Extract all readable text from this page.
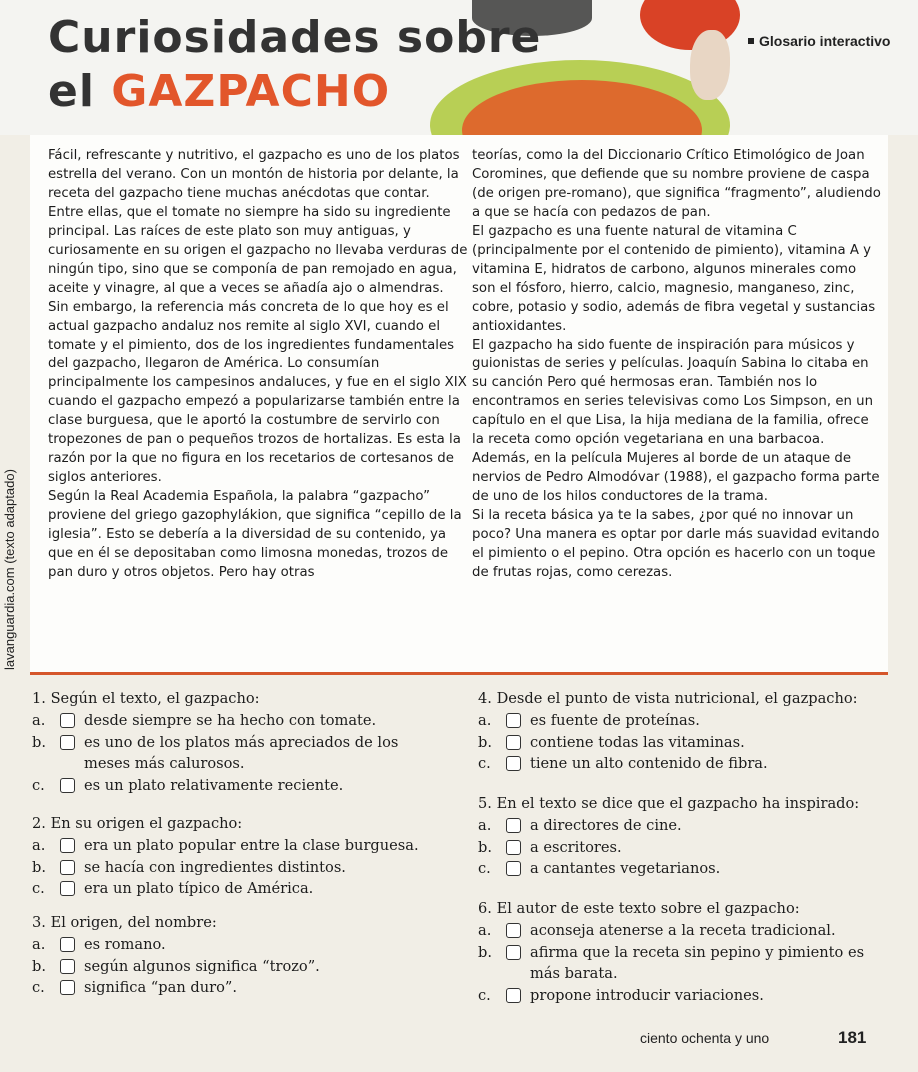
Curiosidades sobre
el GAZPACHO
Glosario interactivo

Fácil, refrescante y nutritivo, el gazpacho es uno de los platos estrella del verano. Con un montón de historia por delante, la receta del gazpacho tiene muchas anécdotas que contar. Entre ellas, que el tomate no siempre ha sido su ingrediente principal. Las raíces de este plato son muy antiguas, y curiosamente en su origen el gazpacho no llevaba verduras de ningún tipo, sino que se componía de pan remojado en agua, aceite y vinagre, al que a veces se añadía ajo o almendras. Sin embargo, la referencia más concreta de lo que hoy es el actual gazpacho andaluz nos remite al siglo XVI, cuando el tomate y el pimiento, dos de los ingredientes fundamentales del gazpacho, llegaron de América. Lo consumían principalmente los campesinos andaluces, y fue en el siglo XIX cuando el gazpacho empezó a popularizarse también entre la clase burguesa, que le aportó la costumbre de servirlo con tropezones de pan o pequeños trozos de hortalizas. Es esta la razón por la que no figura en los recetarios de cortesanos de siglos anteriores.

Según la Real Academia Española, la palabra “gazpacho” proviene del griego gazophylákion, que significa “cepillo de la iglesia”. Esto se debería a la diversidad de su contenido, ya que en él se depositaban como limosna monedas, trozos de pan duro y otros objetos. Pero hay otras

teorías, como la del Diccionario Crítico Etimológico de Joan Coromines, que defiende que su nombre proviene de caspa (de origen pre-romano), que significa “fragmento”, aludiendo a que se hacía con pedazos de pan.

El gazpacho es una fuente natural de vitamina C (principalmente por el contenido de pimiento), vitamina A y vitamina E, hidratos de carbono, algunos minerales como son el fósforo, hierro, calcio, magnesio, manganeso, zinc, cobre, potasio y sodio, además de fibra vegetal y sustancias antioxidantes.

El gazpacho ha sido fuente de inspiración para músicos y guionistas de series y películas. Joaquín Sabina lo citaba en su canción Pero qué hermosas eran. También nos lo encontramos en series televisivas como Los Simpson, en un capítulo en el que Lisa, la hija mediana de la familia, ofrece la receta como opción vegetariana en una barbacoa. Además, en la película Mujeres al borde de un ataque de nervios de Pedro Almodóvar (1988), el gazpacho forma parte de uno de los hilos conductores de la trama.

Si la receta básica ya te la sabes, ¿por qué no innovar un poco? Una manera es optar por darle más suavidad evitando el pimiento o el pepino. Otra opción es hacerlo con un toque de frutas rojas, como cerezas.

lavanguardia.com (texto adaptado)
1. Según el texto, el gazpacho:
a.	desde siempre se ha hecho con tomate.
b.	es uno de los platos más apreciados de los meses más calurosos.
c.	es un plato relativamente reciente.
2. En su origen el gazpacho:
a.	era un plato popular entre la clase burguesa.
b.	se hacía con ingredientes distintos.
c.	era un plato típico de América.
3. El origen, del nombre:
a.	es romano.
b.	según algunos significa “trozo”.
c.	significa “pan duro”.
4. Desde el punto de vista nutricional, el gazpacho:
a.	es fuente de proteínas.
b.	contiene todas las vitaminas.
c.	tiene un alto contenido de fibra.
5. En el texto se dice que el gazpacho ha inspirado:
a.	a directores de cine.
b.	a escritores.
c.	a cantantes vegetarianos.
6. El autor de este texto sobre el gazpacho:
a.	aconseja atenerse a la receta tradicional.
b.	afirma que la receta sin pepino y pimiento es más barata.
c.	propone introducir variaciones.
ciento ochenta y uno	181
